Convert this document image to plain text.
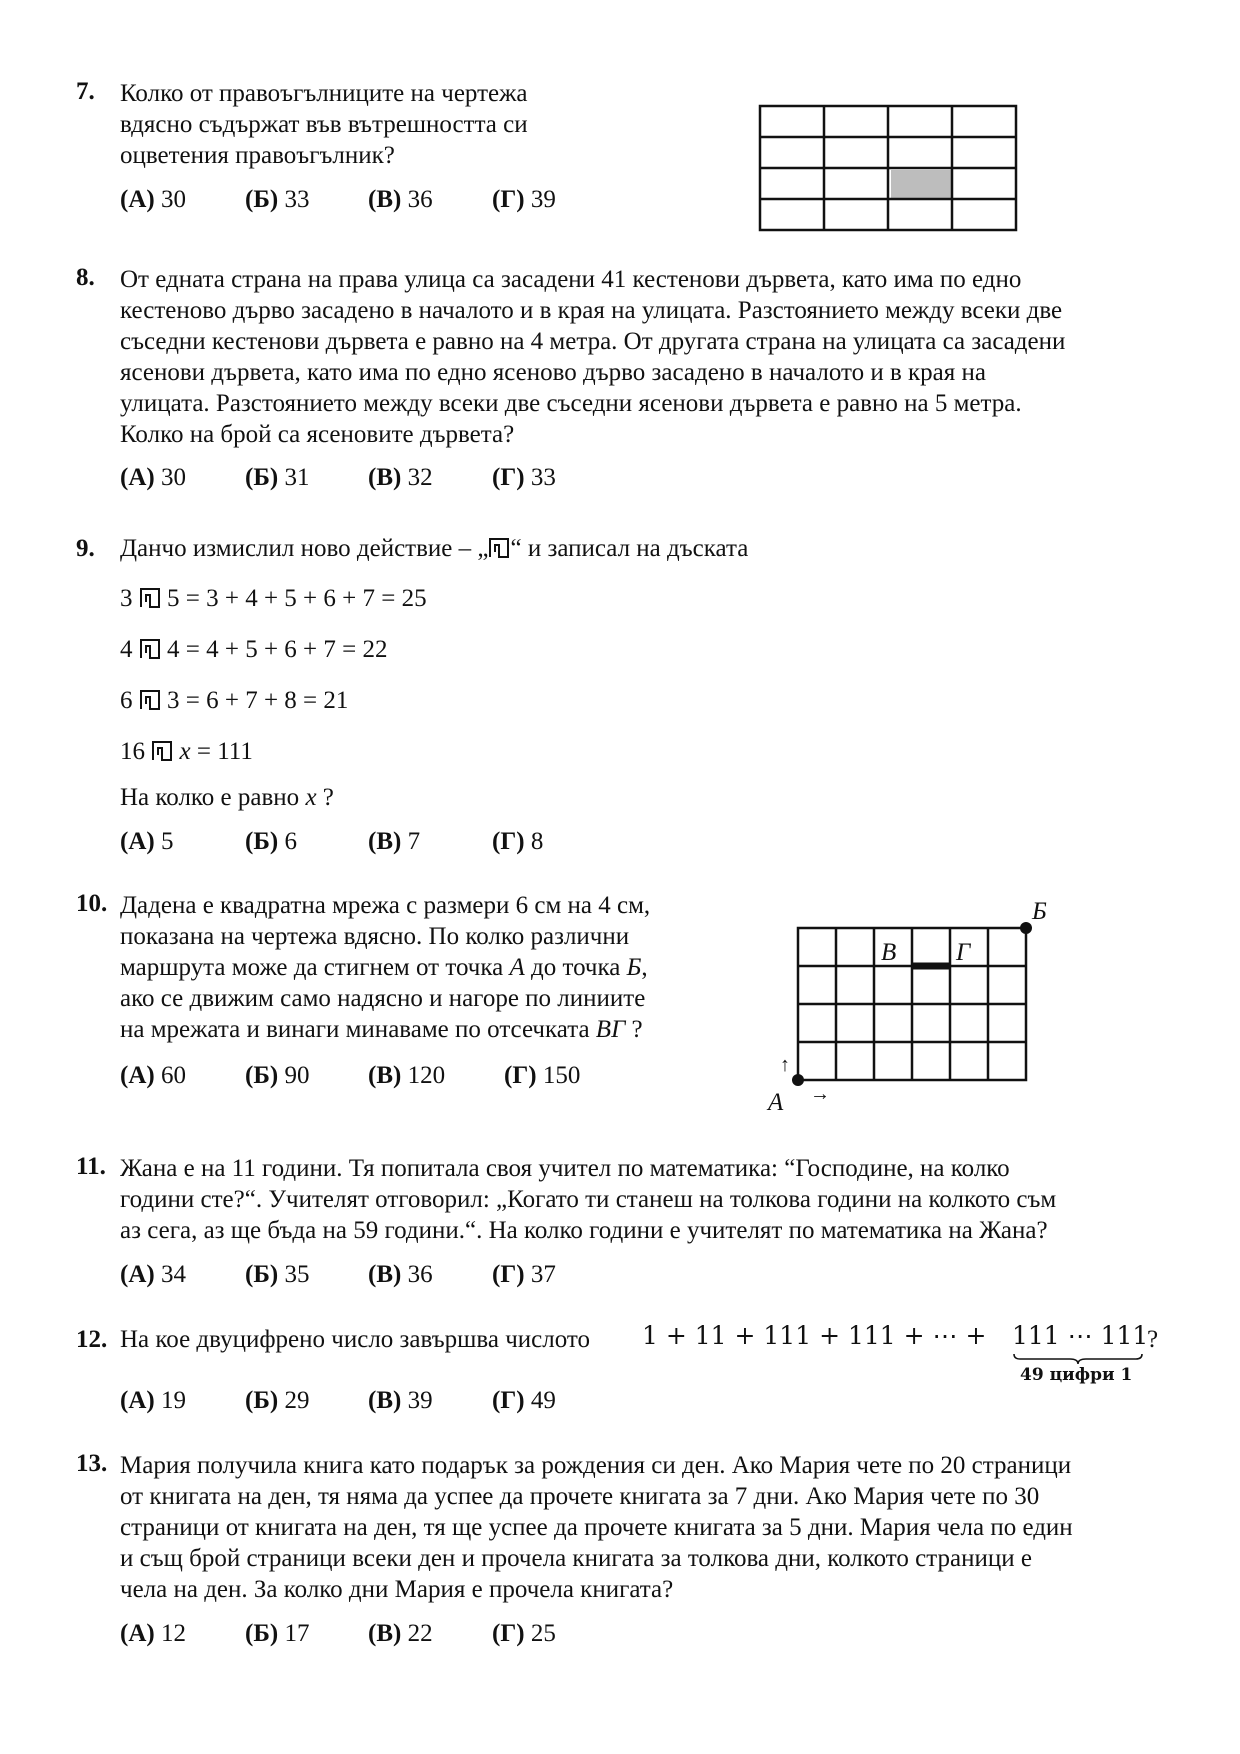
7. Колко от правоъгълниците на чертежа
вдясно съдържат във вътрешността си
оцветения правоъгълник?
(А) 30 (Б) 33 (В) 36 (Г) 39
8. От едната страна на права улица са засадени 41 кестенови дървета, като има по едно
кестеново дърво засадено в началото и в края на улицата. Разстоянието между всеки две
съседни кестенови дървета е равно на 4 метра. От другата страна на улицата са засадени
ясенови дървета, като има по едно ясеново дърво засадено в началото и в края на
улицата. Разстоянието между всеки две съседни ясенови дървета е равно на 5 метра.
Колко на брой са ясеновите дървета?
(А) 30 (Б) 31 (В) 32 (Г) 33
9. Данчо измислил ново действие – „ “ и записал на дъската
3 5 = 3 + 4 + 5 + 6 + 7 = 25
4 4 = 4 + 5 + 6 + 7 = 22
6 3 = 6 + 7 + 8 = 21
16 x = 111
На колко е равно x ?
(А) 5	(Б) 6	(В) 7	(Г) 8
10. Дадена е квадратна мрежа с размери 6 см на 4 см,
показана на чертежа вдясно. По колко различни
маршрута може да стигнем от точка А до точка Б,
ако се движим само надясно и нагоре по линиите
на мрежата и винаги минаваме по отсечката ВГ ?
(А) 60 (Б) 90 (В) 120 (Г) 150
В Г
Б
А
↑
→
11. Жана е на 11 години. Тя попитала своя учител по математика: “Господине, на колко
години сте?“. Учителят отговорил: „Когато ти станеш на толкова години на колкото съм
аз сега, аз ще бъда на 59 години.“. На колко години е учителят по математика на Жана?
(А) 34 (Б) 35 (В) 36 (Г) 37
12. На кое двуцифрено число завършва числото 1 + 11 + 111 + 111 + ⋯ + 111 ⋯ 111
49 цифри 1
?
(А) 19 (Б) 29 (В) 39 (Г) 49
13. Мария получила книга като подарък за рождения си ден. Ако Мария чете по 20 страници
от книгата на ден, тя няма да успее да прочете книгата за 7 дни. Ако Мария чете по 30
страници от книгата на ден, тя ще успее да прочете книгата за 5 дни. Мария чела по един
и същ брой страници всеки ден и прочела книгата за толкова дни, колкото страници е
чела на ден. За колко дни Мария е прочела книгата?
(А) 12 (Б) 17 (В) 22 (Г) 25
